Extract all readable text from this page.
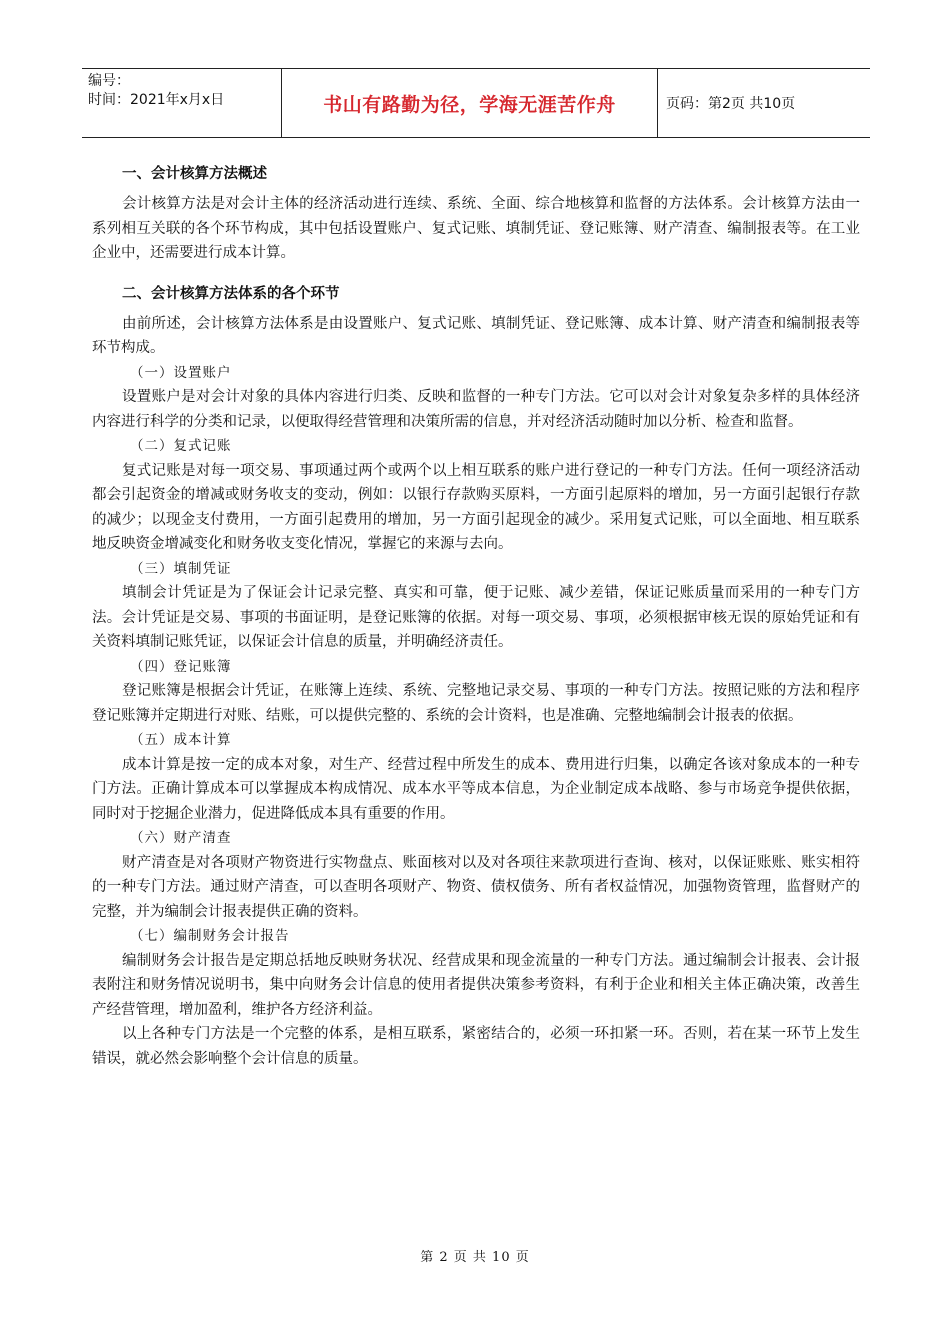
编号：
时间：2021年x月x日	书山有路勤为径，学海无涯苦作舟	页码：第2页 共10页
一、会计核算方法概述

会计核算方法是对会计主体的经济活动进行连续、系统、全面、综合地核算和监督的方法体系。会计核算方法由一系列相互关联的各个环节构成，其中包括设置账户、复式记账、填制凭证、登记账簿、财产清查、编制报表等。在工业企业中，还需要进行成本计算。

二、会计核算方法体系的各个环节

由前所述，会计核算方法体系是由设置账户、复式记账、填制凭证、登记账簿、成本计算、财产清查和编制报表等环节构成。

（一）设置账户

设置账户是对会计对象的具体内容进行归类、反映和监督的一种专门方法。它可以对会计对象复杂多样的具体经济内容进行科学的分类和记录，以便取得经营管理和决策所需的信息，并对经济活动随时加以分析、检查和监督。

（二）复式记账

复式记账是对每一项交易、事项通过两个或两个以上相互联系的账户进行登记的一种专门方法。任何一项经济活动都会引起资金的增减或财务收支的变动，例如：以银行存款购买原料，一方面引起原料的增加，另一方面引起银行存款的减少；以现金支付费用，一方面引起费用的增加，另一方面引起现金的减少。采用复式记账，可以全面地、相互联系地反映资金增减变化和财务收支变化情况，掌握它的来源与去向。

（三）填制凭证

填制会计凭证是为了保证会计记录完整、真实和可靠，便于记账、减少差错，保证记账质量而采用的一种专门方法。会计凭证是交易、事项的书面证明，是登记账簿的依据。对每一项交易、事项，必须根据审核无误的原始凭证和有关资料填制记账凭证，以保证会计信息的质量，并明确经济责任。

（四）登记账簿

登记账簿是根据会计凭证，在账簿上连续、系统、完整地记录交易、事项的一种专门方法。按照记账的方法和程序登记账簿并定期进行对账、结账，可以提供完整的、系统的会计资料，也是准确、完整地编制会计报表的依据。

（五）成本计算

成本计算是按一定的成本对象，对生产、经营过程中所发生的成本、费用进行归集，以确定各该对象成本的一种专门方法。正确计算成本可以掌握成本构成情况、成本水平等成本信息，为企业制定成本战略、参与市场竞争提供依据，同时对于挖掘企业潜力，促进降低成本具有重要的作用。

（六）财产清查

财产清查是对各项财产物资进行实物盘点、账面核对以及对各项往来款项进行查询、核对，以保证账账、账实相符的一种专门方法。通过财产清查，可以查明各项财产、物资、债权债务、所有者权益情况，加强物资管理，监督财产的完整，并为编制会计报表提供正确的资料。

（七）编制财务会计报告

编制财务会计报告是定期总括地反映财务状况、经营成果和现金流量的一种专门方法。通过编制会计报表、会计报表附注和财务情况说明书，集中向财务会计信息的使用者提供决策参考资料，有利于企业和相关主体正确决策，改善生产经营管理，增加盈利，维护各方经济利益。

以上各种专门方法是一个完整的体系，是相互联系，紧密结合的，必须一环扣紧一环。否则，若在某一环节上发生错误，就必然会影响整个会计信息的质量。

第 2 页 共 10 页
